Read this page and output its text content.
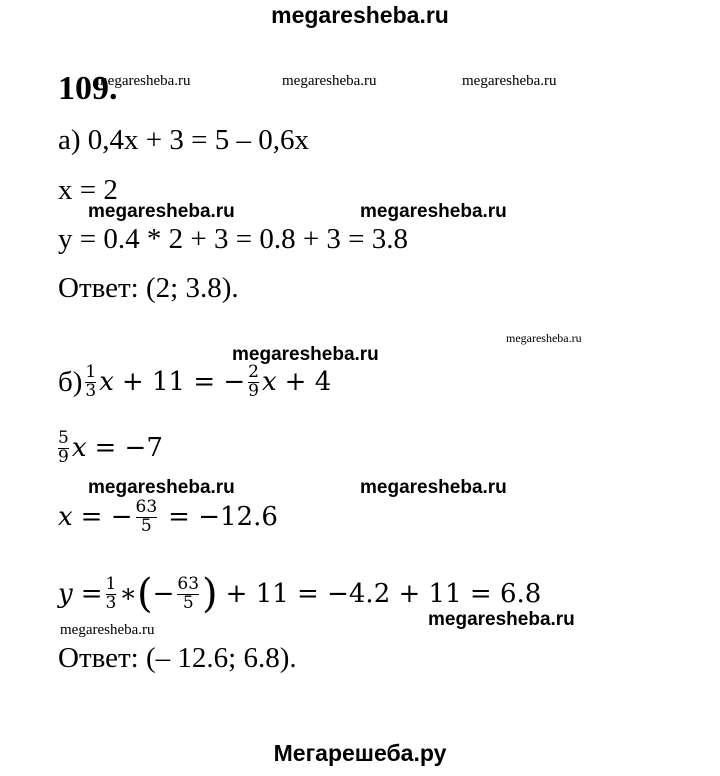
megaresheba.ru
Мегарешеба.ру
109.
megaresheba.ru	megaresheba.ru	megaresheba.ru
megaresheba.ru	megaresheba.ru
megaresheba.ru
megaresheba.ru
megaresheba.ru	megaresheba.ru
megaresheba.ru	megaresheba.ru
а) 0,4х + 3 = 5 – 0,6х
x = 2
y = 0.4 * 2 + 3 = 0.8 + 3 = 3.8
Ответ: (2; 3.8).
$б) \frac{1}{3}$ x + 11 = − $\frac{2}{9}$ x + 4
$\frac{5}{9}$ x = −7
x = − $\frac{63}{5} = -12.6$
$y = \frac{1}{3}$ ∗ ( − $\frac{63}{5}$ ) + 11 = −4.2 + 11 = 6.8
Ответ: (– 12.6; 6.8).
